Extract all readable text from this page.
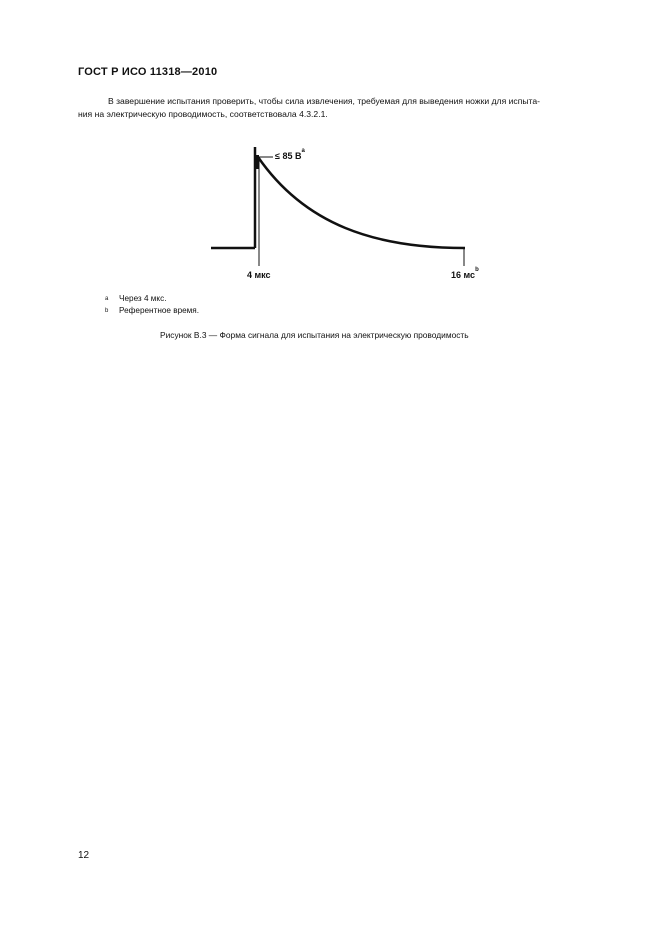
ГОСТ Р ИСО 11318—2010
В завершение испытания проверить, чтобы сила извлечения, требуемая для выведения ножки для испыта-
ния на электрическую проводимость, соответствовала 4.3.2.1.
≤ 85 $В^a$
4 мкс	16 $мс^b$
a	Через 4 мкс.
b	Референтное время.
Рисунок В.3 — Форма сигнала для испытания на электрическую проводимость
12
